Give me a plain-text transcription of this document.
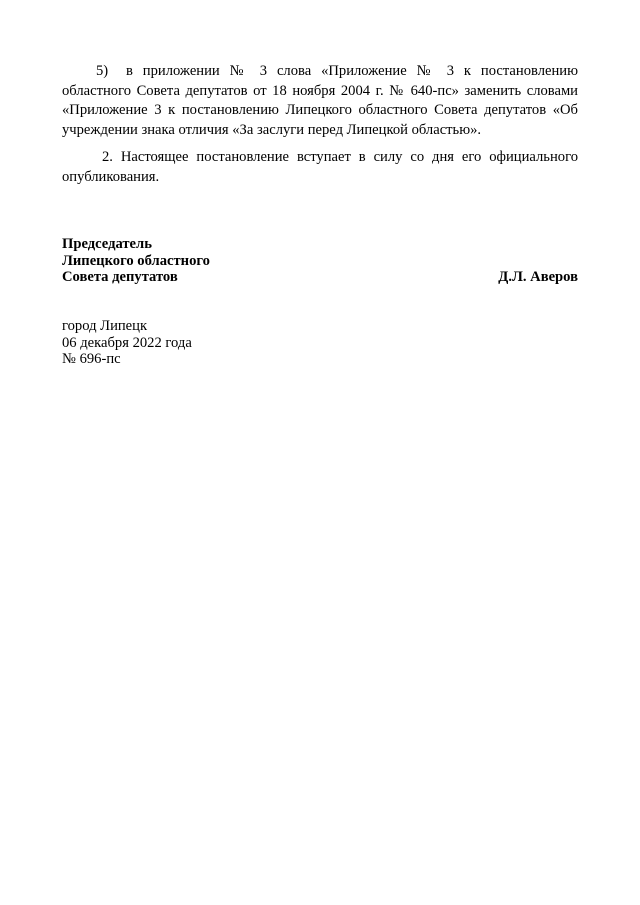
5) в приложении № 3 слова «Приложение № 3 к постановлению областного Совета депутатов от 18 ноября 2004 г. № 640-пс» заменить словами «Приложение 3 к постановлению Липецкого областного Совета депутатов «Об учреждении знака отличия «За заслуги перед Липецкой областью».
2. Настоящее постановление вступает в силу со дня его официального опубликования.
Председатель
Липецкого областного
Совета депутатов	Д.Л. Аверов
город Липецк
06 декабря 2022 года
№ 696-пс
